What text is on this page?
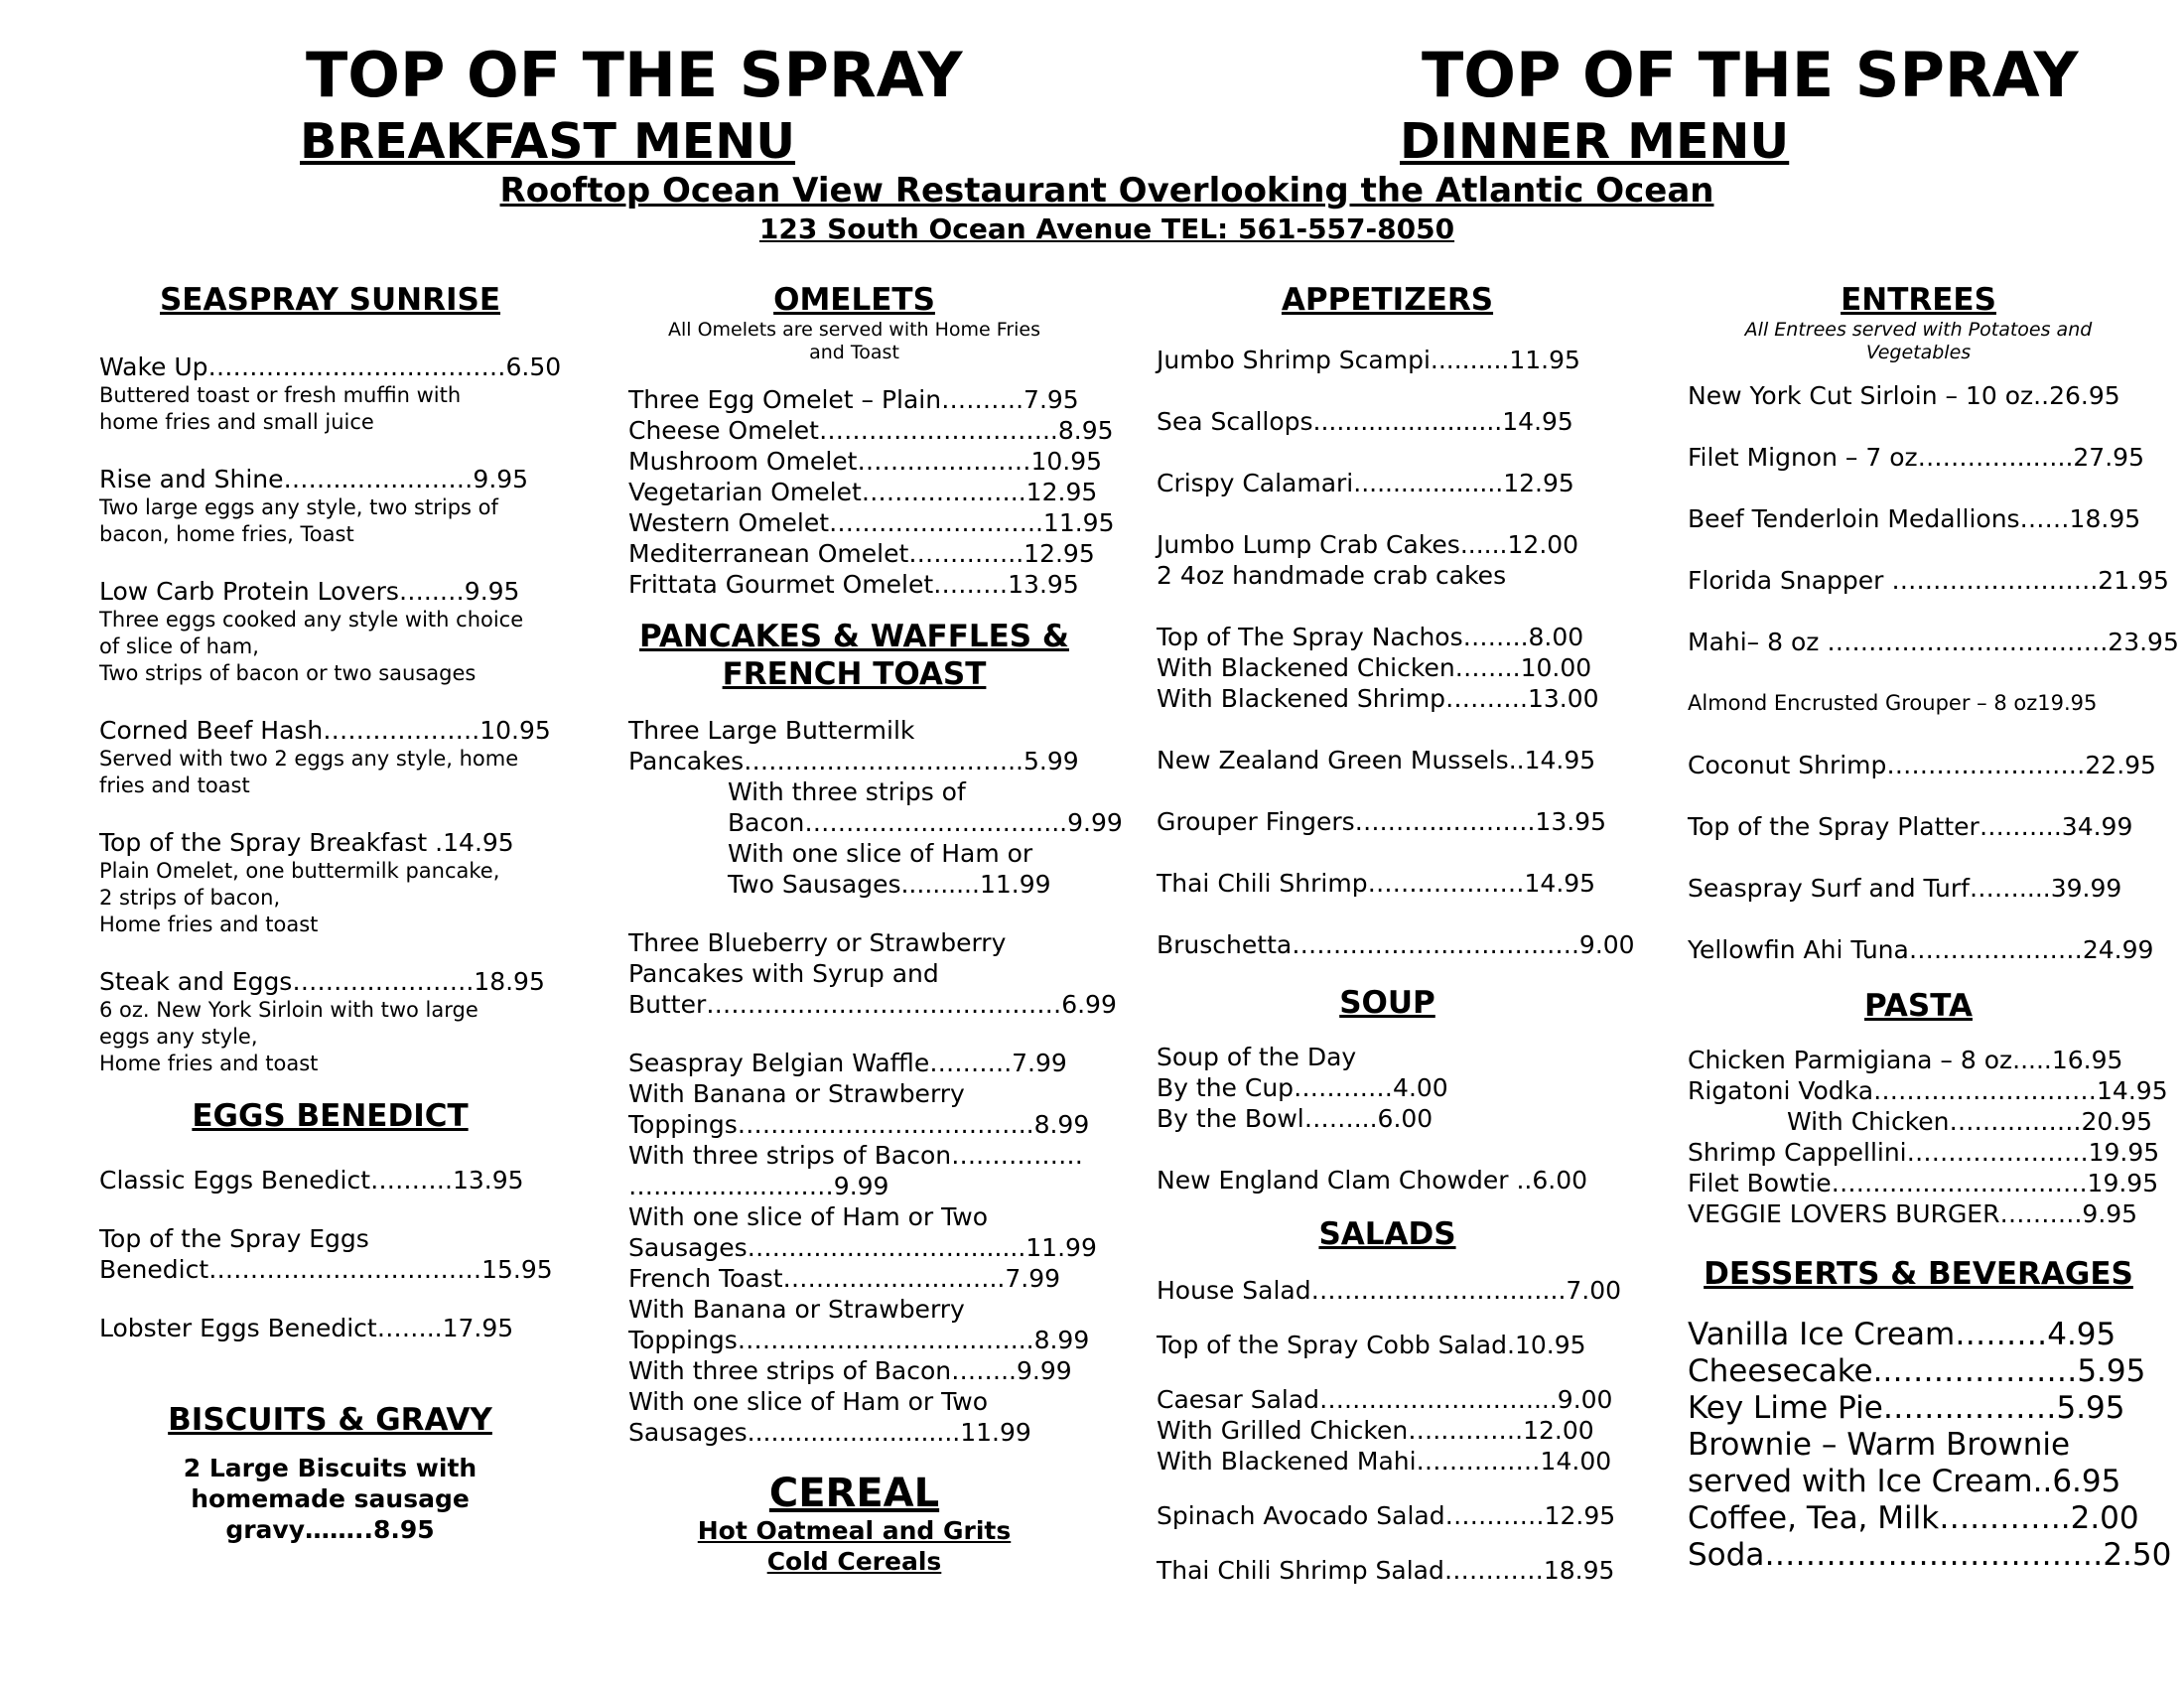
TOP OF THE SPRAY	TOP OF THE SPRAY
BREAKFAST MENU	DINNER MENU
Rooftop Ocean View Restaurant Overlooking the Atlantic Ocean
123 South Ocean Avenue TEL: 561-557-8050
SEASPRAY SUNRISE
Wake Up………………………………6.50
Buttered toast or fresh muffin with
home fries and small juice
Rise and Shine……..……………9.95
Two large eggs any style, two strips of
bacon, home fries, Toast
Low Carb Protein Lovers…..…9.95
Three eggs cooked any style with choice
of slice of ham,
Two strips of bacon or two sausages
Corned Beef Hash……………….10.95
Served with two 2 eggs any style, home
fries and toast
Top of the Spray Breakfast .14.95
Plain Omelet, one buttermilk pancake,
2 strips of bacon,
Home fries and toast
Steak and Eggs………………….18.95
6 oz. New York Sirloin with two large
eggs any style,
Home fries and toast
EGGS BENEDICT
Classic Eggs Benedict……….13.95
Top of the Spray Eggs
Benedict……………………………15.95
Lobster Eggs Benedict……..17.95
BISCUITS & GRAVY
2 Large Biscuits with
homemade sausage
gravy……..8.95
OMELETS
All Omelets are served with Home Fries and Toast
Three Egg Omelet – Plain……….7.95
Cheese Omelet………………………..8.95
Mushroom Omelet…………………10.95
Vegetarian Omelet………………..12.95
Western Omelet……………………..11.95
Mediterranean Omelet…………..12.95
Frittata Gourmet Omelet………13.95
PANCAKES & WAFFLES &
FRENCH TOAST
Three Large Buttermilk
Pancakes……………………..……..5.99
With three strips of
Bacon…………………..……...9.99
With one slice of Ham or
Two Sausages..........11.99
Three Blueberry or Strawberry
Pancakes with Syrup and
Butter……………………………….……6.99
Seaspray Belgian Waffle……….7.99
With Banana or Strawberry
Toppings………………….…………..8.99
With three strips of Bacon….…………
………..…..………9.99
With one slice of Ham or Two
Sausages……………………….......11.99
French Toast……………….……..7.99
With Banana or Strawberry
Toppings……………………………...8.99
With three strips of Bacon……..9.99
With one slice of Ham or Two
Sausages...........................11.99
CEREAL
Hot Oatmeal and Grits
Cold Cereals
APPETIZERS
Jumbo Shrimp Scampi..........11.95
Sea Scallops........................14.95
Crispy Calamari...................12.95
Jumbo Lump Crab Cakes......12.00
2 4oz handmade crab cakes
Top of The Spray Nachos……..8.00
With Blackened Chicken……..10.00
With Blackened Shrimp……….13.00
New Zealand Green Mussels..14.95
Grouper Fingers….……..……….13.95
Thai Chili Shrimp…….…………14.95
Bruschetta………………..………..….9.00
SOUP
Soup of the Day
By the Cup…………4.00
By the Bowl……...6.00
New England Clam Chowder ..6.00
SALADS
House Salad…………………….…...7.00
Top of the Spray Cobb Salad.10.95
Caesar Salad….…………………....9.00
With Grilled Chicken….……….12.00
With Blackened Mahi……………14.00
Spinach Avocado Salad…………12.95
Thai Chili Shrimp Salad…………18.95
ENTREES
All Entrees served with Potatoes and Vegetables
New York Cut Sirloin – 10 oz..26.95
Filet Mignon – 7 oz…………..…..27.95
Beef Tenderloin Medallions……18.95
Florida Snapper …………………….21.95
Mahi– 8 oz …………………………….23.95
Almond Encrusted Grouper – 8 oz19.95
Coconut Shrimp……………………22.95
Top of the Spray Platter……….34.99
Seaspray Surf and Turf……....39.99
Yellowfin Ahi Tuna…………………24.99
PASTA
Chicken Parmigiana – 8 oz.....16.95
Rigatoni Vodka………………………14.95
With Chicken…………….20.95
Shrimp Cappellini………………….19.95
Filet Bowtie………………………….19.95
VEGGIE LOVERS BURGER……….9.95
DESSERTS & BEVERAGES
Vanilla Ice Cream………4.95
Cheesecake..………………5.95
Key Lime Pie……..………5.95
Brownie – Warm Brownie
served with Ice Cream..6.95
Coffee, Tea, Milk…..……..2.00
Soda……………………………2.50
